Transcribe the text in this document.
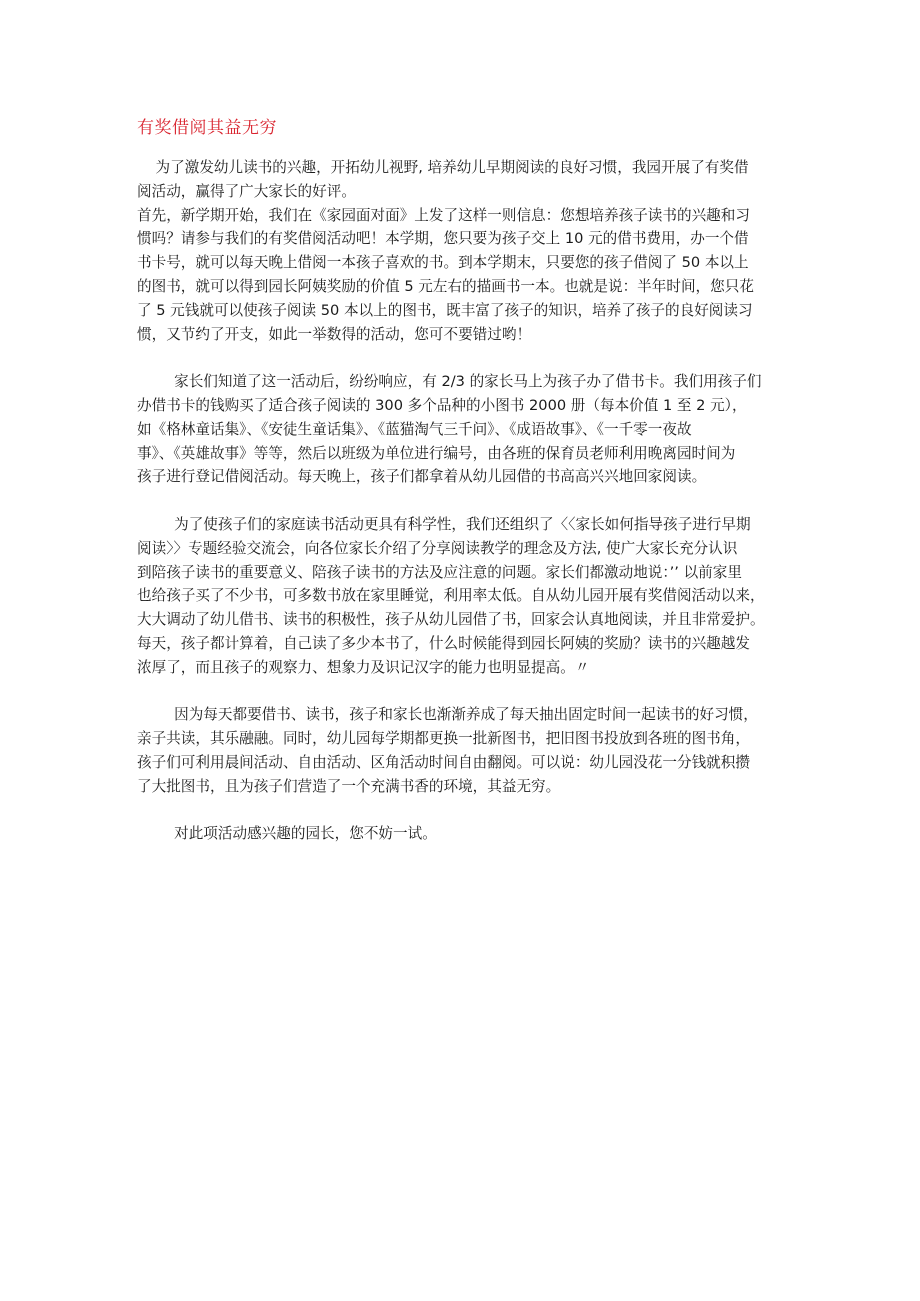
有奖借阅其益无穷
为了激发幼儿读书的兴趣，开拓幼儿视野, 培养幼儿早期阅读的良好习惯，我园开展了有奖借
阅活动，赢得了广大家长的好评。
首先，新学期开始，我们在《家园面对面》上发了这样一则信息：您想培养孩子读书的兴趣和习
惯吗？请参与我们的有奖借阅活动吧！本学期，您只要为孩子交上 10 元的借书费用，办一个借
书卡号，就可以每天晚上借阅一本孩子喜欢的书。到本学期末，只要您的孩子借阅了 50 本以上
的图书，就可以得到园长阿姨奖励的价值 5 元左右的描画书一本。也就是说：半年时间，您只花
了 5 元钱就可以使孩子阅读 50 本以上的图书，既丰富了孩子的知识，培养了孩子的良好阅读习
惯，又节约了开支，如此一举数得的活动，您可不要错过哟！
家长们知道了这一活动后，纷纷响应，有 2/3 的家长马上为孩子办了借书卡。我们用孩子们
办借书卡的钱购买了适合孩子阅读的 300 多个品种的小图书 2000 册（每本价值 1 至 2 元），
如《格林童话集》、《安徒生童话集》、《蓝猫淘气三千问》、《成语故事》、《一千零一夜故
事》、《英雄故事》等等，然后以班级为单位进行编号，由各班的保育员老师利用晚离园时间为
孩子进行登记借阅活动。每天晚上，孩子们都拿着从幼儿园借的书高高兴兴地回家阅读。
为了使孩子们的家庭读书活动更具有科学性，我们还组织了〈〈家长如何指导孩子进行早期
阅读〉〉专题经验交流会，向各位家长介绍了分享阅读教学的理念及方法, 使广大家长充分认识
到陪孩子读书的重要意义、陪孩子读书的方法及应注意的问题。家长们都激动地说：’’ 以前家里
也给孩子买了不少书，可多数书放在家里睡觉，利用率太低。自从幼儿园开展有奖借阅活动以来，
大大调动了幼儿借书、读书的积极性，孩子从幼儿园借了书，回家会认真地阅读，并且非常爱护。
每天，孩子都计算着，自己读了多少本书了，什么时候能得到园长阿姨的奖励？读书的兴趣越发
浓厚了，而且孩子的观察力、想象力及识记汉字的能力也明显提高。〃
因为每天都要借书、读书，孩子和家长也渐渐养成了每天抽出固定时间一起读书的好习惯，
亲子共读，其乐融融。同时，幼儿园每学期都更换一批新图书，把旧图书投放到各班的图书角，
孩子们可利用晨间活动、自由活动、区角活动时间自由翻阅。可以说：幼儿园没花一分钱就积攒
了大批图书，且为孩子们营造了一个充满书香的环境，其益无穷。
对此项活动感兴趣的园长，您不妨一试。
